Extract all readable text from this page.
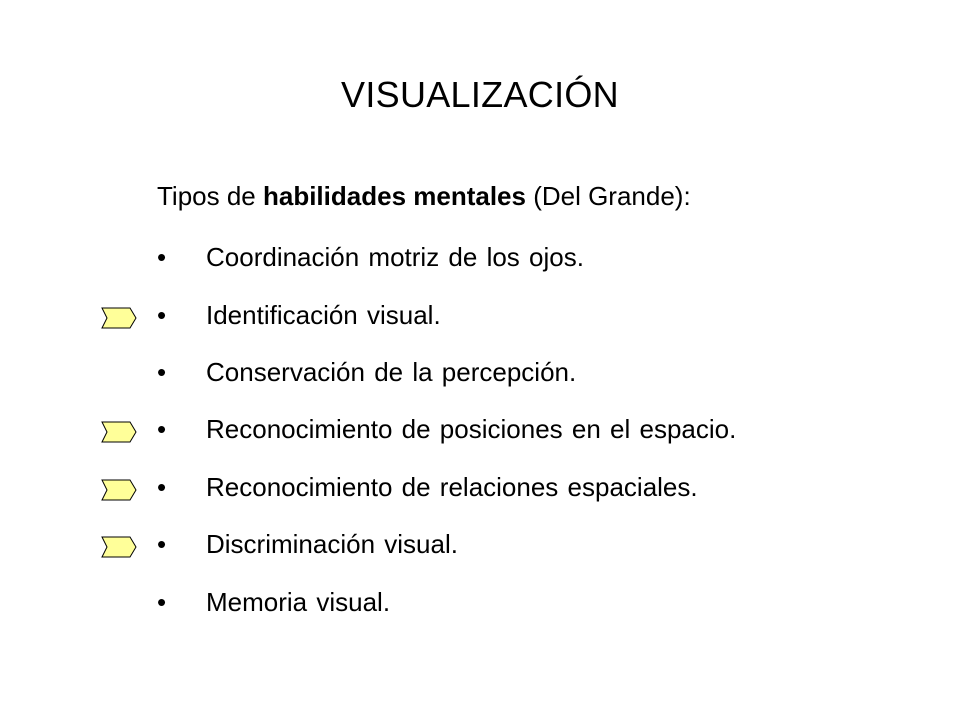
VISUALIZACIÓN
Tipos de habilidades mentales (Del Grande):
• Coordinación motriz de los ojos.
• Identificación visual.
• Conservación de la percepción.
• Reconocimiento de posiciones en el espacio.
• Reconocimiento de relaciones espaciales.
• Discriminación visual.
• Memoria visual.
